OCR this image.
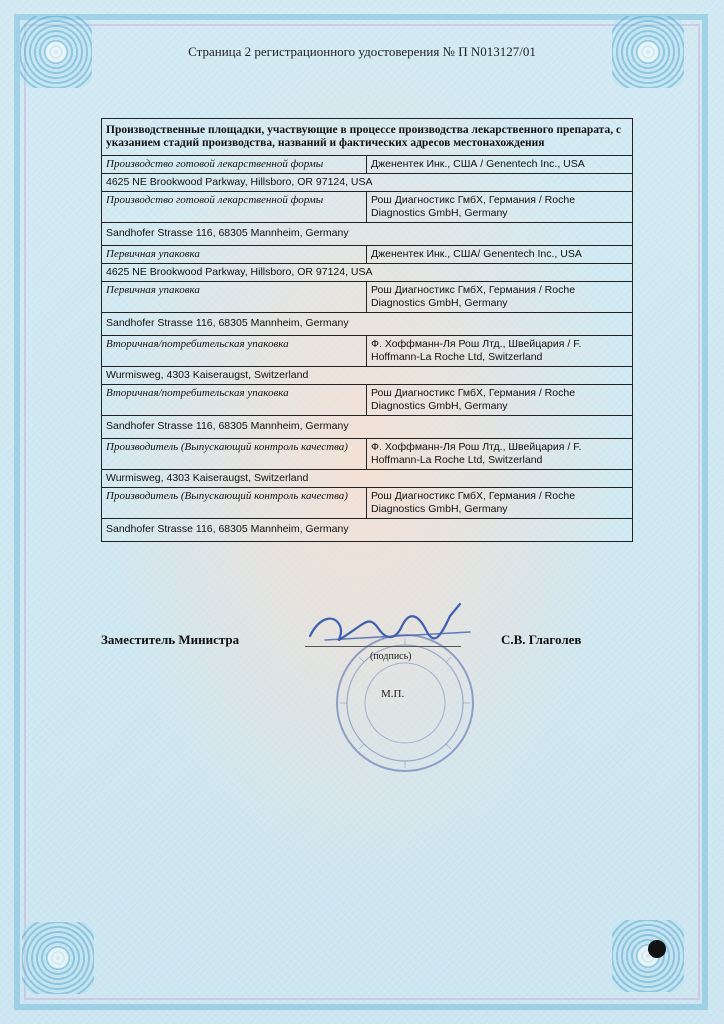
Страница 2 регистрационного удостоверения № П N013127/01
Производственные площадки, участвующие в процессе производства лекарственного препарата, с указанием стадий производства, названий и фактических адресов местонахождения	
Производство готовой лекарственной формы	Дженентек Инк., США / Genentech Inc., USA
4625 NE Brookwood Parkway, Hillsboro, OR 97124, USA	
Производство готовой лекарственной формы	Рош Диагностикс ГмбХ, Германия / Roche Diagnostics GmbH, Germany
Sandhofer Strasse 116, 68305 Mannheim, Germany	
Первичная упаковка	Дженентек Инк., США/ Genentech Inc., USA
4625 NE Brookwood Parkway, Hillsboro, OR 97124, USA	
Первичная упаковка	Рош Диагностикс ГмбХ, Германия / Roche Diagnostics GmbH, Germany
Sandhofer Strasse 116, 68305 Mannheim, Germany	
Вторичная/потребительская упаковка	Ф. Хоффманн-Ля Рош Лтд., Швейцария / F. Hoffmann-La Roche Ltd, Switzerland
Wurmisweg, 4303 Kaiseraugst, Switzerland	
Вторичная/потребительская упаковка	Рош Диагностикс ГмбХ, Германия / Roche Diagnostics GmbH, Germany
Sandhofer Strasse 116, 68305 Mannheim, Germany	
Производитель (Выпускающий контроль качества)	Ф. Хоффманн-Ля Рош Лтд., Швейцария / F. Hoffmann-La Roche Ltd, Switzerland
Wurmisweg, 4303 Kaiseraugst, Switzerland	
Производитель (Выпускающий контроль качества)	Рош Диагностикс ГмбХ, Германия / Roche Diagnostics GmbH, Germany
Sandhofer Strasse 116, 68305 Mannheim, Germany	
Заместитель Министра	С.В. Глаголев
(подпись)
М.П.
